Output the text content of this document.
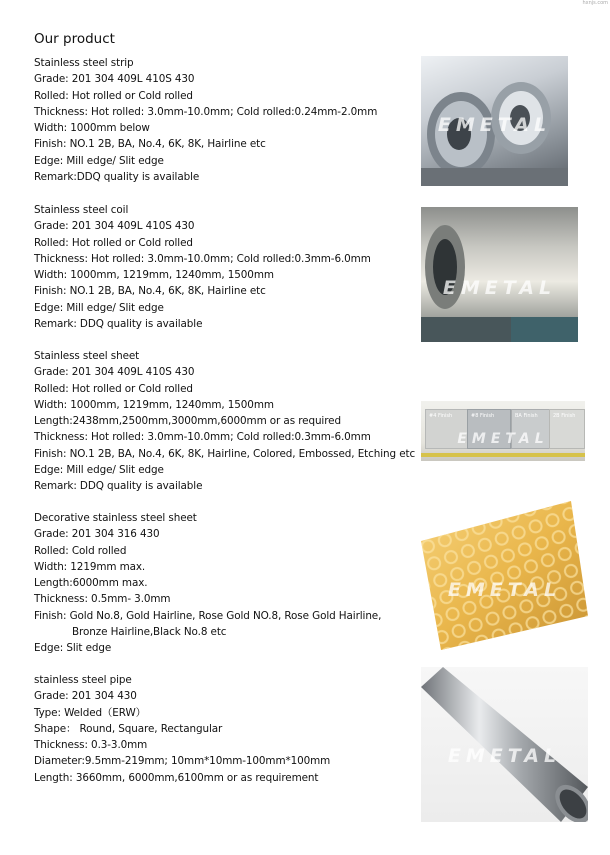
hxnjs.com
Our product
Stainless steel strip
Grade: 201 304 409L 410S 430
Rolled: Hot rolled or Cold rolled
Thickness: Hot rolled: 3.0mm-10.0mm; Cold rolled:0.24mm-2.0mm
Width: 1000mm below
Finish: NO.1 2B, BA, No.4, 6K, 8K, Hairline etc
Edge: Mill edge/ Slit edge
Remark:DDQ quality is available
Stainless steel coil
Grade: 201 304 409L 410S 430
Rolled: Hot rolled or Cold rolled
Thickness: Hot rolled: 3.0mm-10.0mm; Cold rolled:0.3mm-6.0mm
Width: 1000mm, 1219mm, 1240mm, 1500mm
Finish: NO.1 2B, BA, No.4, 6K, 8K, Hairline etc
Edge: Mill edge/ Slit edge
Remark: DDQ quality is available
Stainless steel sheet
Grade: 201 304 409L 410S 430
Rolled: Hot rolled or Cold rolled
Width: 1000mm, 1219mm, 1240mm, 1500mm
Length:2438mm,2500mm,3000mm,6000mm or as required
Thickness: Hot rolled: 3.0mm-10.0mm; Cold rolled:0.3mm-6.0mm
Finish: NO.1 2B, BA, No.4, 6K, 8K, Hairline, Colored, Embossed, Etching etc
Edge: Mill edge/ Slit edge
Remark: DDQ quality is available
Decorative stainless steel sheet
Grade: 201 304 316 430
Rolled: Cold rolled
Width: 1219mm max.
Length:6000mm max.
Thickness: 0.5mm- 3.0mm
Finish: Gold No.8, Gold Hairline, Rose Gold NO.8, Rose Gold Hairline,
Bronze Hairline,Black No.8 etc
Edge: Slit edge
stainless steel pipe
Grade: 201 304 430
Type: Welded（ERW）
Shape： Round, Square, Rectangular
Thickness: 0.3-3.0mm
Diameter:9.5mm-219mm; 10mm*10mm-100mm*100mm
Length: 3660mm, 6000mm,6100mm or as requirement
EMETAL
EMETAL
#4 Finish	#8 Finish	BA Finish	2B Finish
EMETAL
EMETAL
EMETAL
